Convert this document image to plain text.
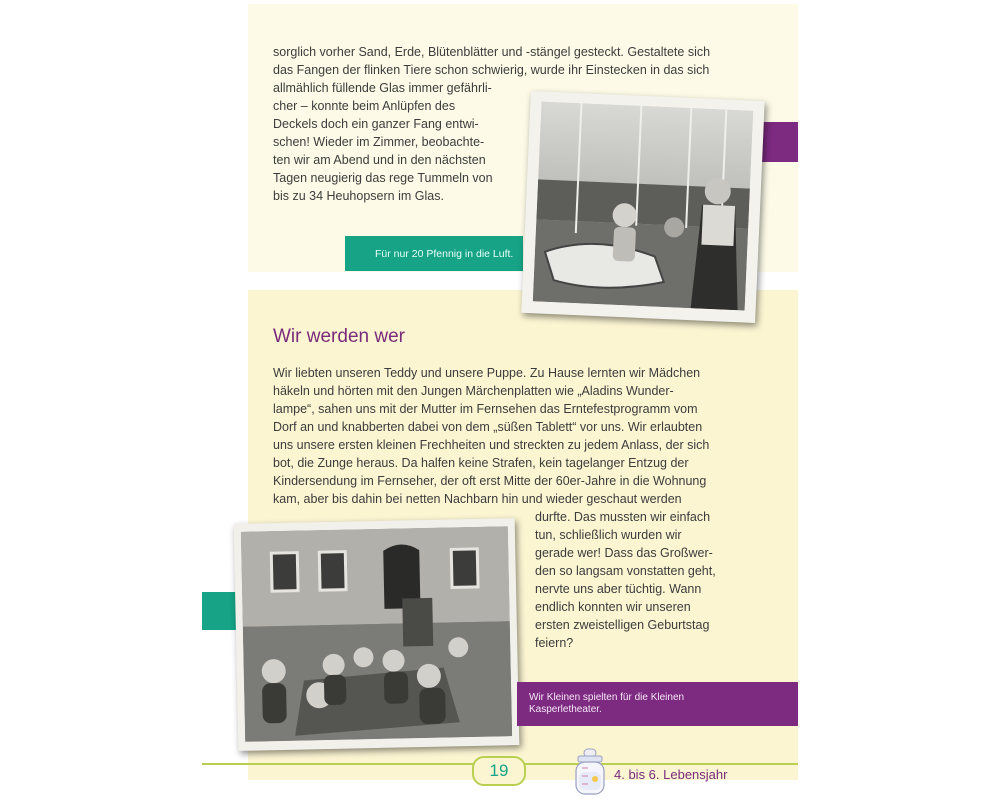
sorglich vorher Sand, Erde, Blütenblätter und -stängel gesteckt. Gestaltete sich
das Fangen der flinken Tiere schon schwierig, wurde ihr Einstecken in das sich
allmählich füllende Glas immer gefährli-
cher – konnte beim Anlüpfen des
Deckels doch ein ganzer Fang entwi-
schen! Wieder im Zimmer, beobachte-
ten wir am Abend und in den nächsten
Tagen neugierig das rege Tummeln von
bis zu 34 Heuhopsern im Glas.
Für nur 20 Pfennig in die Luft.
Wir werden wer
Wir liebten unseren Teddy und unsere Puppe. Zu Hause lernten wir Mädchen
häkeln und hörten mit den Jungen Märchenplatten wie „Aladins Wunder-
lampe“, sahen uns mit der Mutter im Fernsehen das Erntefestprogramm vom
Dorf an und knabberten dabei von dem „süßen Tablett“ vor uns. Wir erlaubten
uns unsere ersten kleinen Frechheiten und streckten zu jedem Anlass, der sich
bot, die Zunge heraus. Da halfen keine Strafen, kein tagelanger Entzug der
Kindersendung im Fernseher, der oft erst Mitte der 60er-Jahre in die Wohnung
kam, aber bis dahin bei netten Nachbarn hin und wieder geschaut werden
durfte. Das mussten wir einfach
tun, schließlich wurden wir
gerade wer! Dass das Großwer-
den so langsam vonstatten geht,
nervte uns aber tüchtig. Wann
endlich konnten wir unseren
ersten zweistelligen Geburtstag
feiern?
Wir Kleinen spielten für die Kleinen
Kasperletheater.
19	4. bis 6. Lebensjahr
